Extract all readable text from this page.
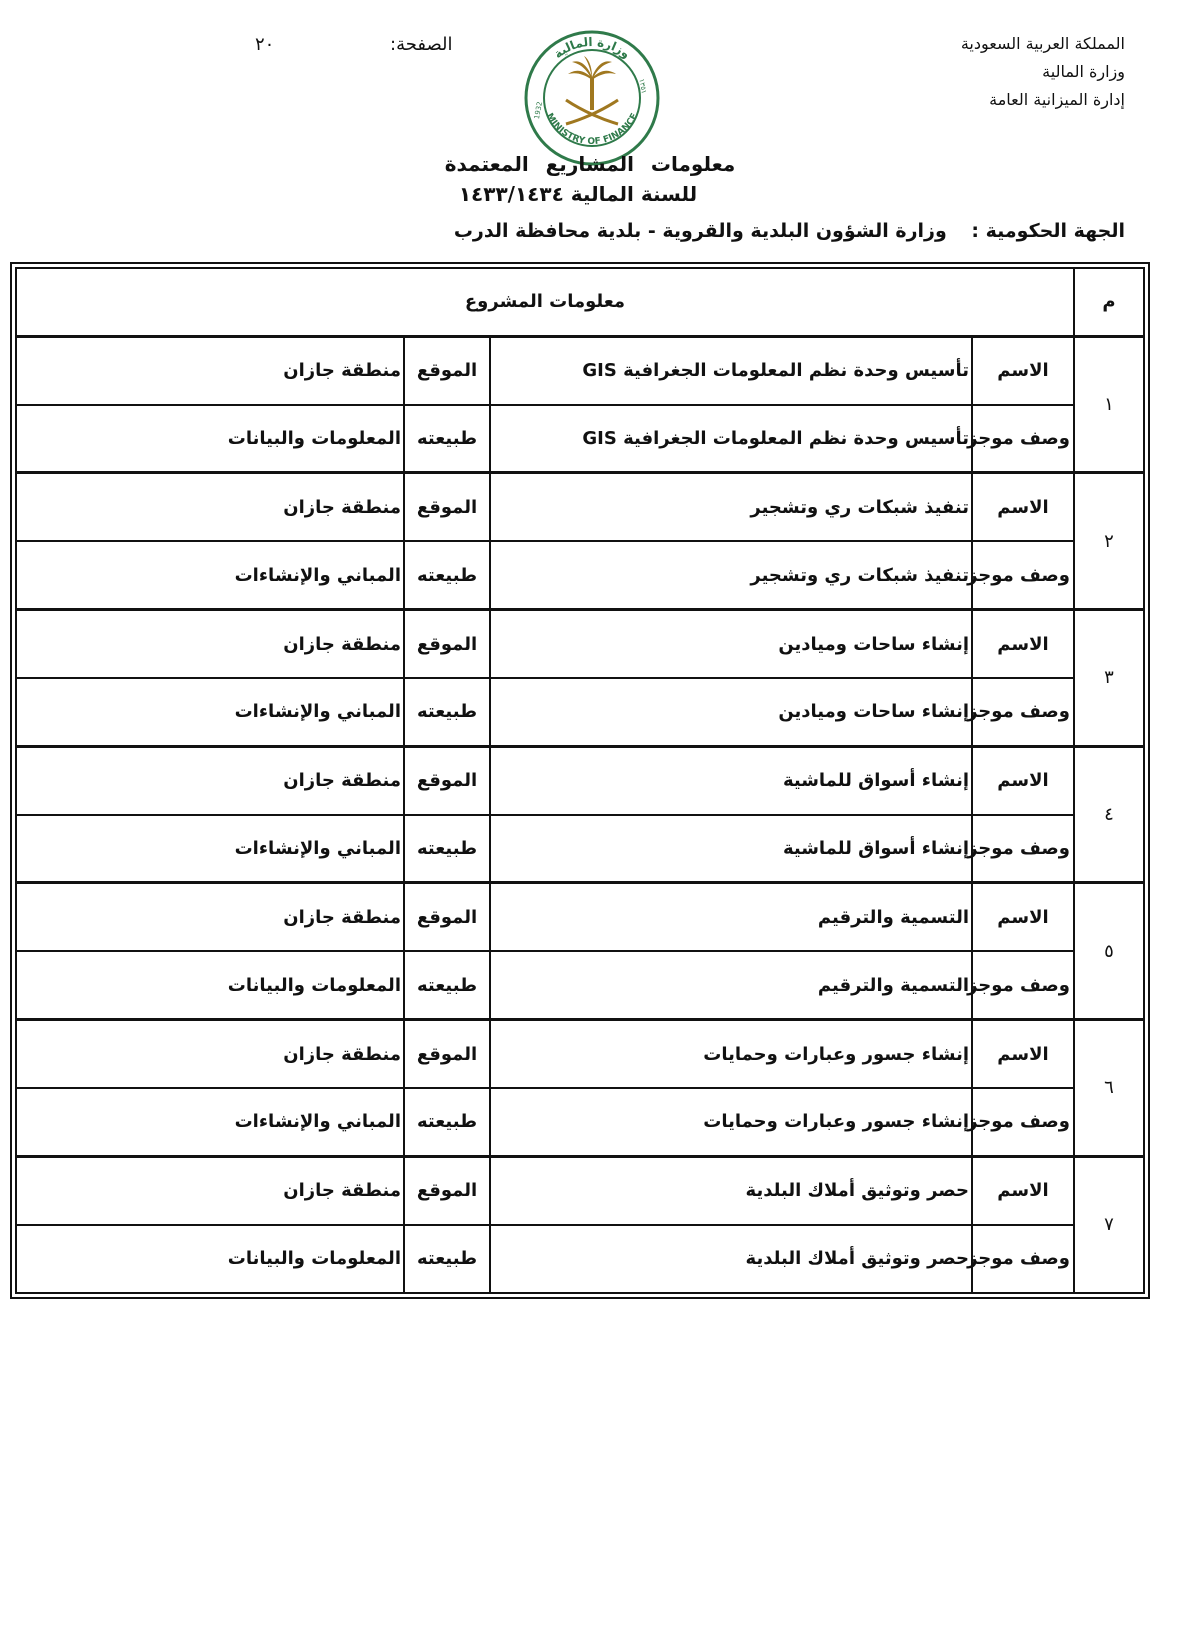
المملكة العربية السعودية
وزارة المالية
إدارة الميزانية العامة
الصفحة:
٢٠	وزارة المالية
MINISTRY OF FINANCE
1932
١٣٥١
معلومات المشاريع المعتمدة
للسنة المالية ١٤٣٣/١٤٣٤
الجهة الحكومية : وزارة الشؤون البلدية والقروية - بلدية محافظة الدرب
م	معلومات المشروع			
١	الاسم	تأسيس وحدة نظم المعلومات الجغرافية GIS	الموقع	منطقة جازان
	وصف موجز	تأسيس وحدة نظم المعلومات الجغرافية GIS	طبيعته	المعلومات والبيانات
٢	الاسم	تنفيذ شبكات ري وتشجير	الموقع	منطقة جازان
	وصف موجز	تنفيذ شبكات ري وتشجير	طبيعته	المباني والإنشاءات
٣	الاسم	إنشاء ساحات وميادين	الموقع	منطقة جازان
	وصف موجز	إنشاء ساحات وميادين	طبيعته	المباني والإنشاءات
٤	الاسم	إنشاء أسواق للماشية	الموقع	منطقة جازان
	وصف موجز	إنشاء أسواق للماشية	طبيعته	المباني والإنشاءات
٥	الاسم	التسمية والترقيم	الموقع	منطقة جازان
	وصف موجز	التسمية والترقيم	طبيعته	المعلومات والبيانات
٦	الاسم	إنشاء جسور وعبارات وحمايات	الموقع	منطقة جازان
	وصف موجز	إنشاء جسور وعبارات وحمايات	طبيعته	المباني والإنشاءات
٧	الاسم	حصر وتوثيق أملاك البلدية	الموقع	منطقة جازان
	وصف موجز	حصر وتوثيق أملاك البلدية	طبيعته	المعلومات والبيانات
